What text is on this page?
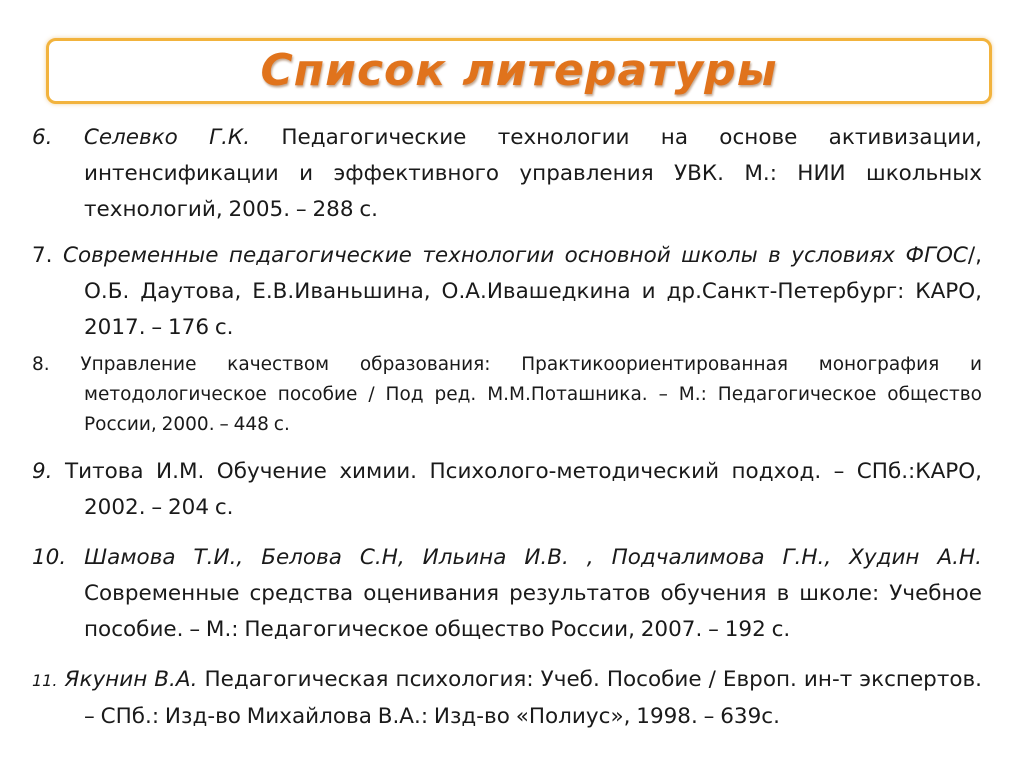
Список литературы

6. Селевко Г.К. Педагогические технологии на основе активизации, интенсификации и эффективного управления УВК. М.: НИИ школьных технологий, 2005. – 288 с.

7. Современные педагогические технологии основной школы в условиях ФГОС/, О.Б. Даутова, Е.В.Иваньшина, О.А.Ивашедкина и др.Санкт-Петербург: КАРО, 2017. – 176 с.

8. Управление качеством образования: Практикоориентированная монография и методологическое пособие / Под ред. М.М.Поташника. – М.: Педагогическое общество России, 2000. – 448 с.

9. Титова И.М. Обучение химии. Психолого-методический подход. – СПб.:КАРО, 2002. – 204 с.

10. Шамова Т.И., Белова С.Н, Ильина И.В. , Подчалимова Г.Н., Худин А.Н. Современные средства оценивания результатов обучения в школе: Учебное пособие. – М.: Педагогическое общество России, 2007. – 192 с.

11. Якунин В.А. Педагогическая психология: Учеб. Пособие / Европ. ин-т экспертов. – СПб.: Изд-во Михайлова В.А.: Изд-во «Полиус», 1998. – 639с.
